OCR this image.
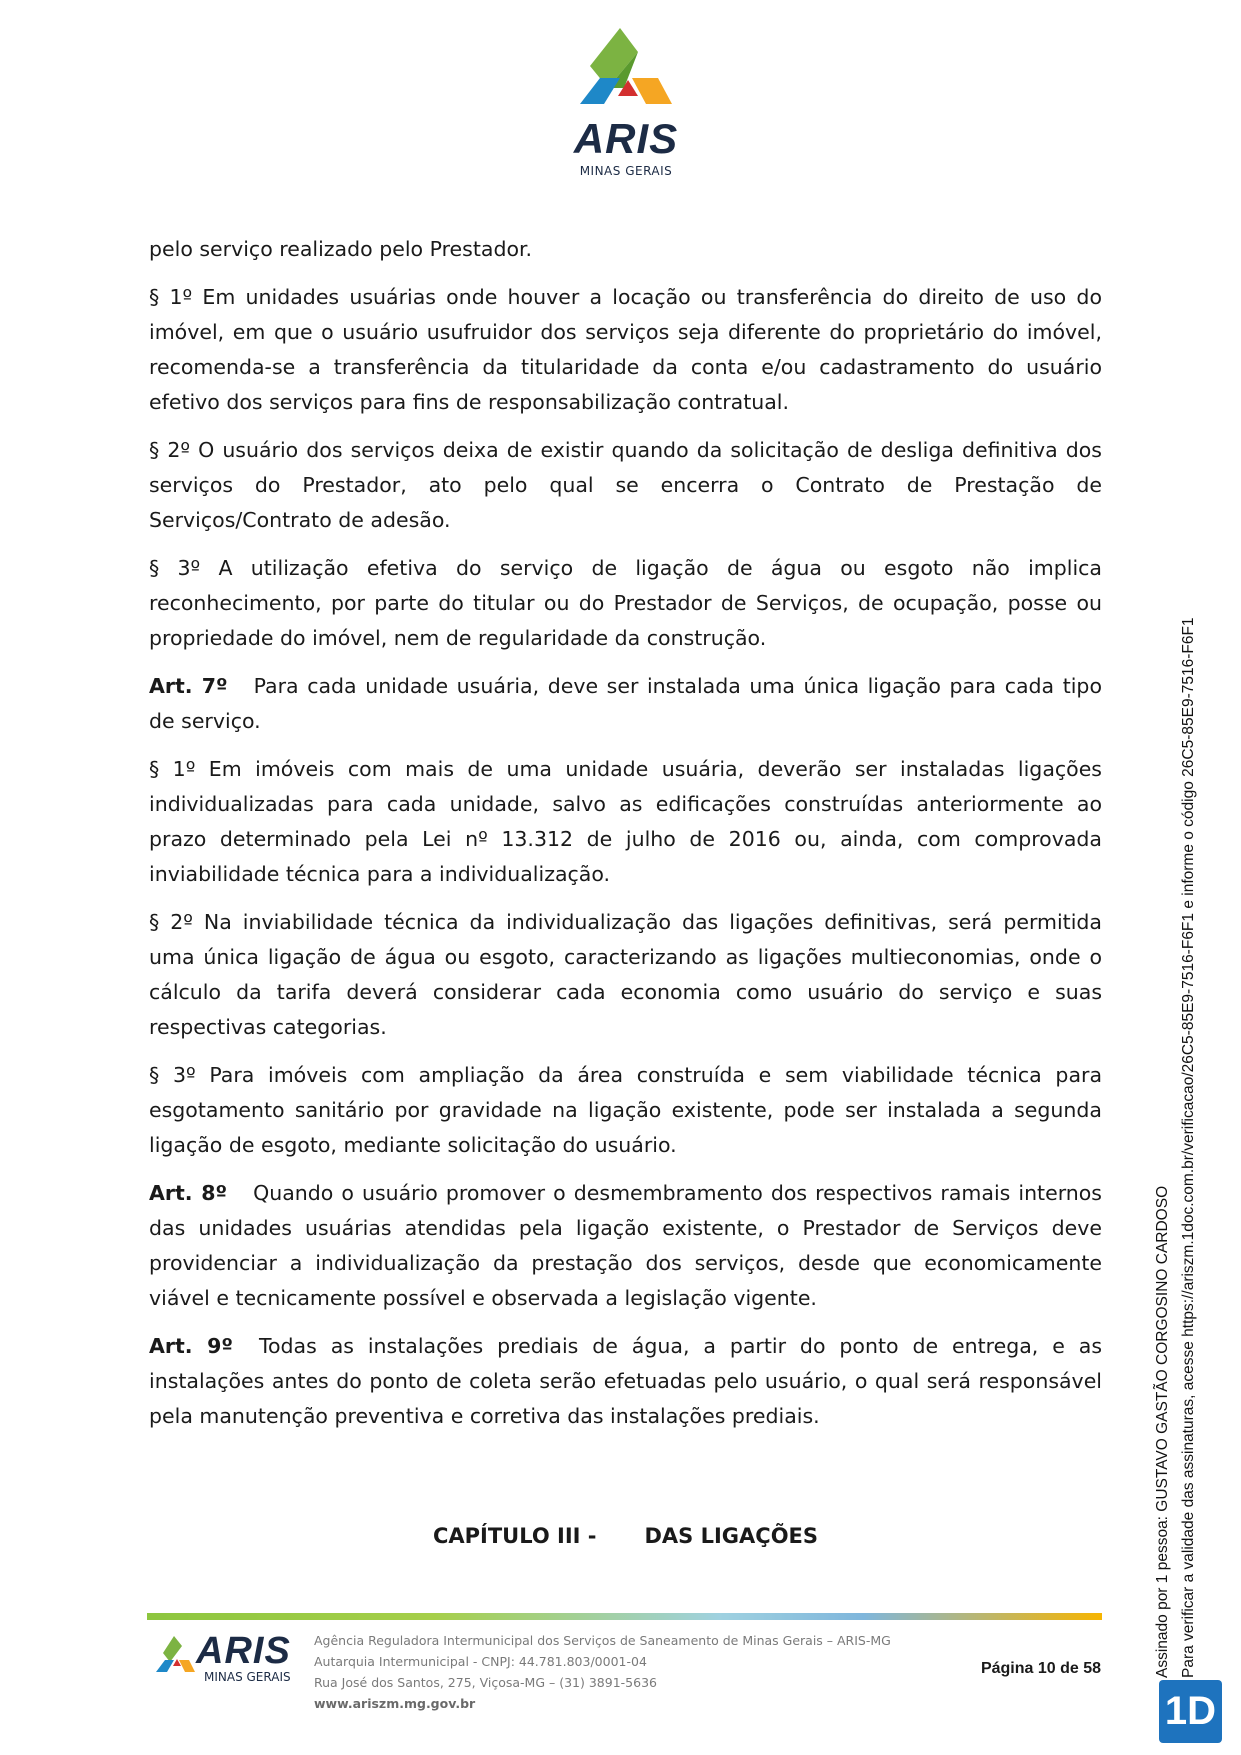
ARIS
MINAS GERAIS

pelo serviço realizado pelo Prestador.

§ 1º Em unidades usuárias onde houver a locação ou transferência do direito de uso do imóvel, em que o usuário usufruidor dos serviços seja diferente do proprietário do imóvel, recomenda-se a transferência da titularidade da conta e/ou cadastramento do usuário efetivo dos serviços para fins de responsabilização contratual.

§ 2º O usuário dos serviços deixa de existir quando da solicitação de desliga definitiva dos serviços do Prestador, ato pelo qual se encerra o Contrato de Prestação de Serviços/Contrato de adesão.

§ 3º A utilização efetiva do serviço de ligação de água ou esgoto não implica reconhecimento, por parte do titular ou do Prestador de Serviços, de ocupação, posse ou propriedade do imóvel, nem de regularidade da construção.

Art. 7º Para cada unidade usuária, deve ser instalada uma única ligação para cada tipo de serviço.

§ 1º Em imóveis com mais de uma unidade usuária, deverão ser instaladas ligações individualizadas para cada unidade, salvo as edificações construídas anteriormente ao prazo determinado pela Lei nº 13.312 de julho de 2016 ou, ainda, com comprovada inviabilidade técnica para a individualização.

§ 2º Na inviabilidade técnica da individualização das ligações definitivas, será permitida uma única ligação de água ou esgoto, caracterizando as ligações multieconomias, onde o cálculo da tarifa deverá considerar cada economia como usuário do serviço e suas respectivas categorias.

§ 3º Para imóveis com ampliação da área construída e sem viabilidade técnica para esgotamento sanitário por gravidade na ligação existente, pode ser instalada a segunda ligação de esgoto, mediante solicitação do usuário.

Art. 8º Quando o usuário promover o desmembramento dos respectivos ramais internos das unidades usuárias atendidas pela ligação existente, o Prestador de Serviços deve providenciar a individualização da prestação dos serviços, desde que economicamente viável e tecnicamente possível e observada a legislação vigente.

Art. 9º Todas as instalações prediais de água, a partir do ponto de entrega, e as instalações antes do ponto de coleta serão efetuadas pelo usuário, o qual será responsável pela manutenção preventiva e corretiva das instalações prediais.

CAPÍTULO III - DAS LIGAÇÕES
ARIS
MINAS GERAIS
Agência Reguladora Intermunicipal dos Serviços de Saneamento de Minas Gerais – ARIS-MG
Autarquia Intermunicipal - CNPJ: 44.781.803/0001-04
Rua José dos Santos, 275, Viçosa-MG – (31) 3891-5636
www.ariszm.mg.gov.br
Página 10 de 58	Assinado por 1 pessoa: GUSTAVO GASTÃO CORGOSINO CARDOSO Para verificar a validade das assinaturas, acesse https://ariszm.1doc.com.br/verificacao/26C5-85E9-7516-F6F1 e informe o código 26C5-85E9-7516-F6F1
1D
